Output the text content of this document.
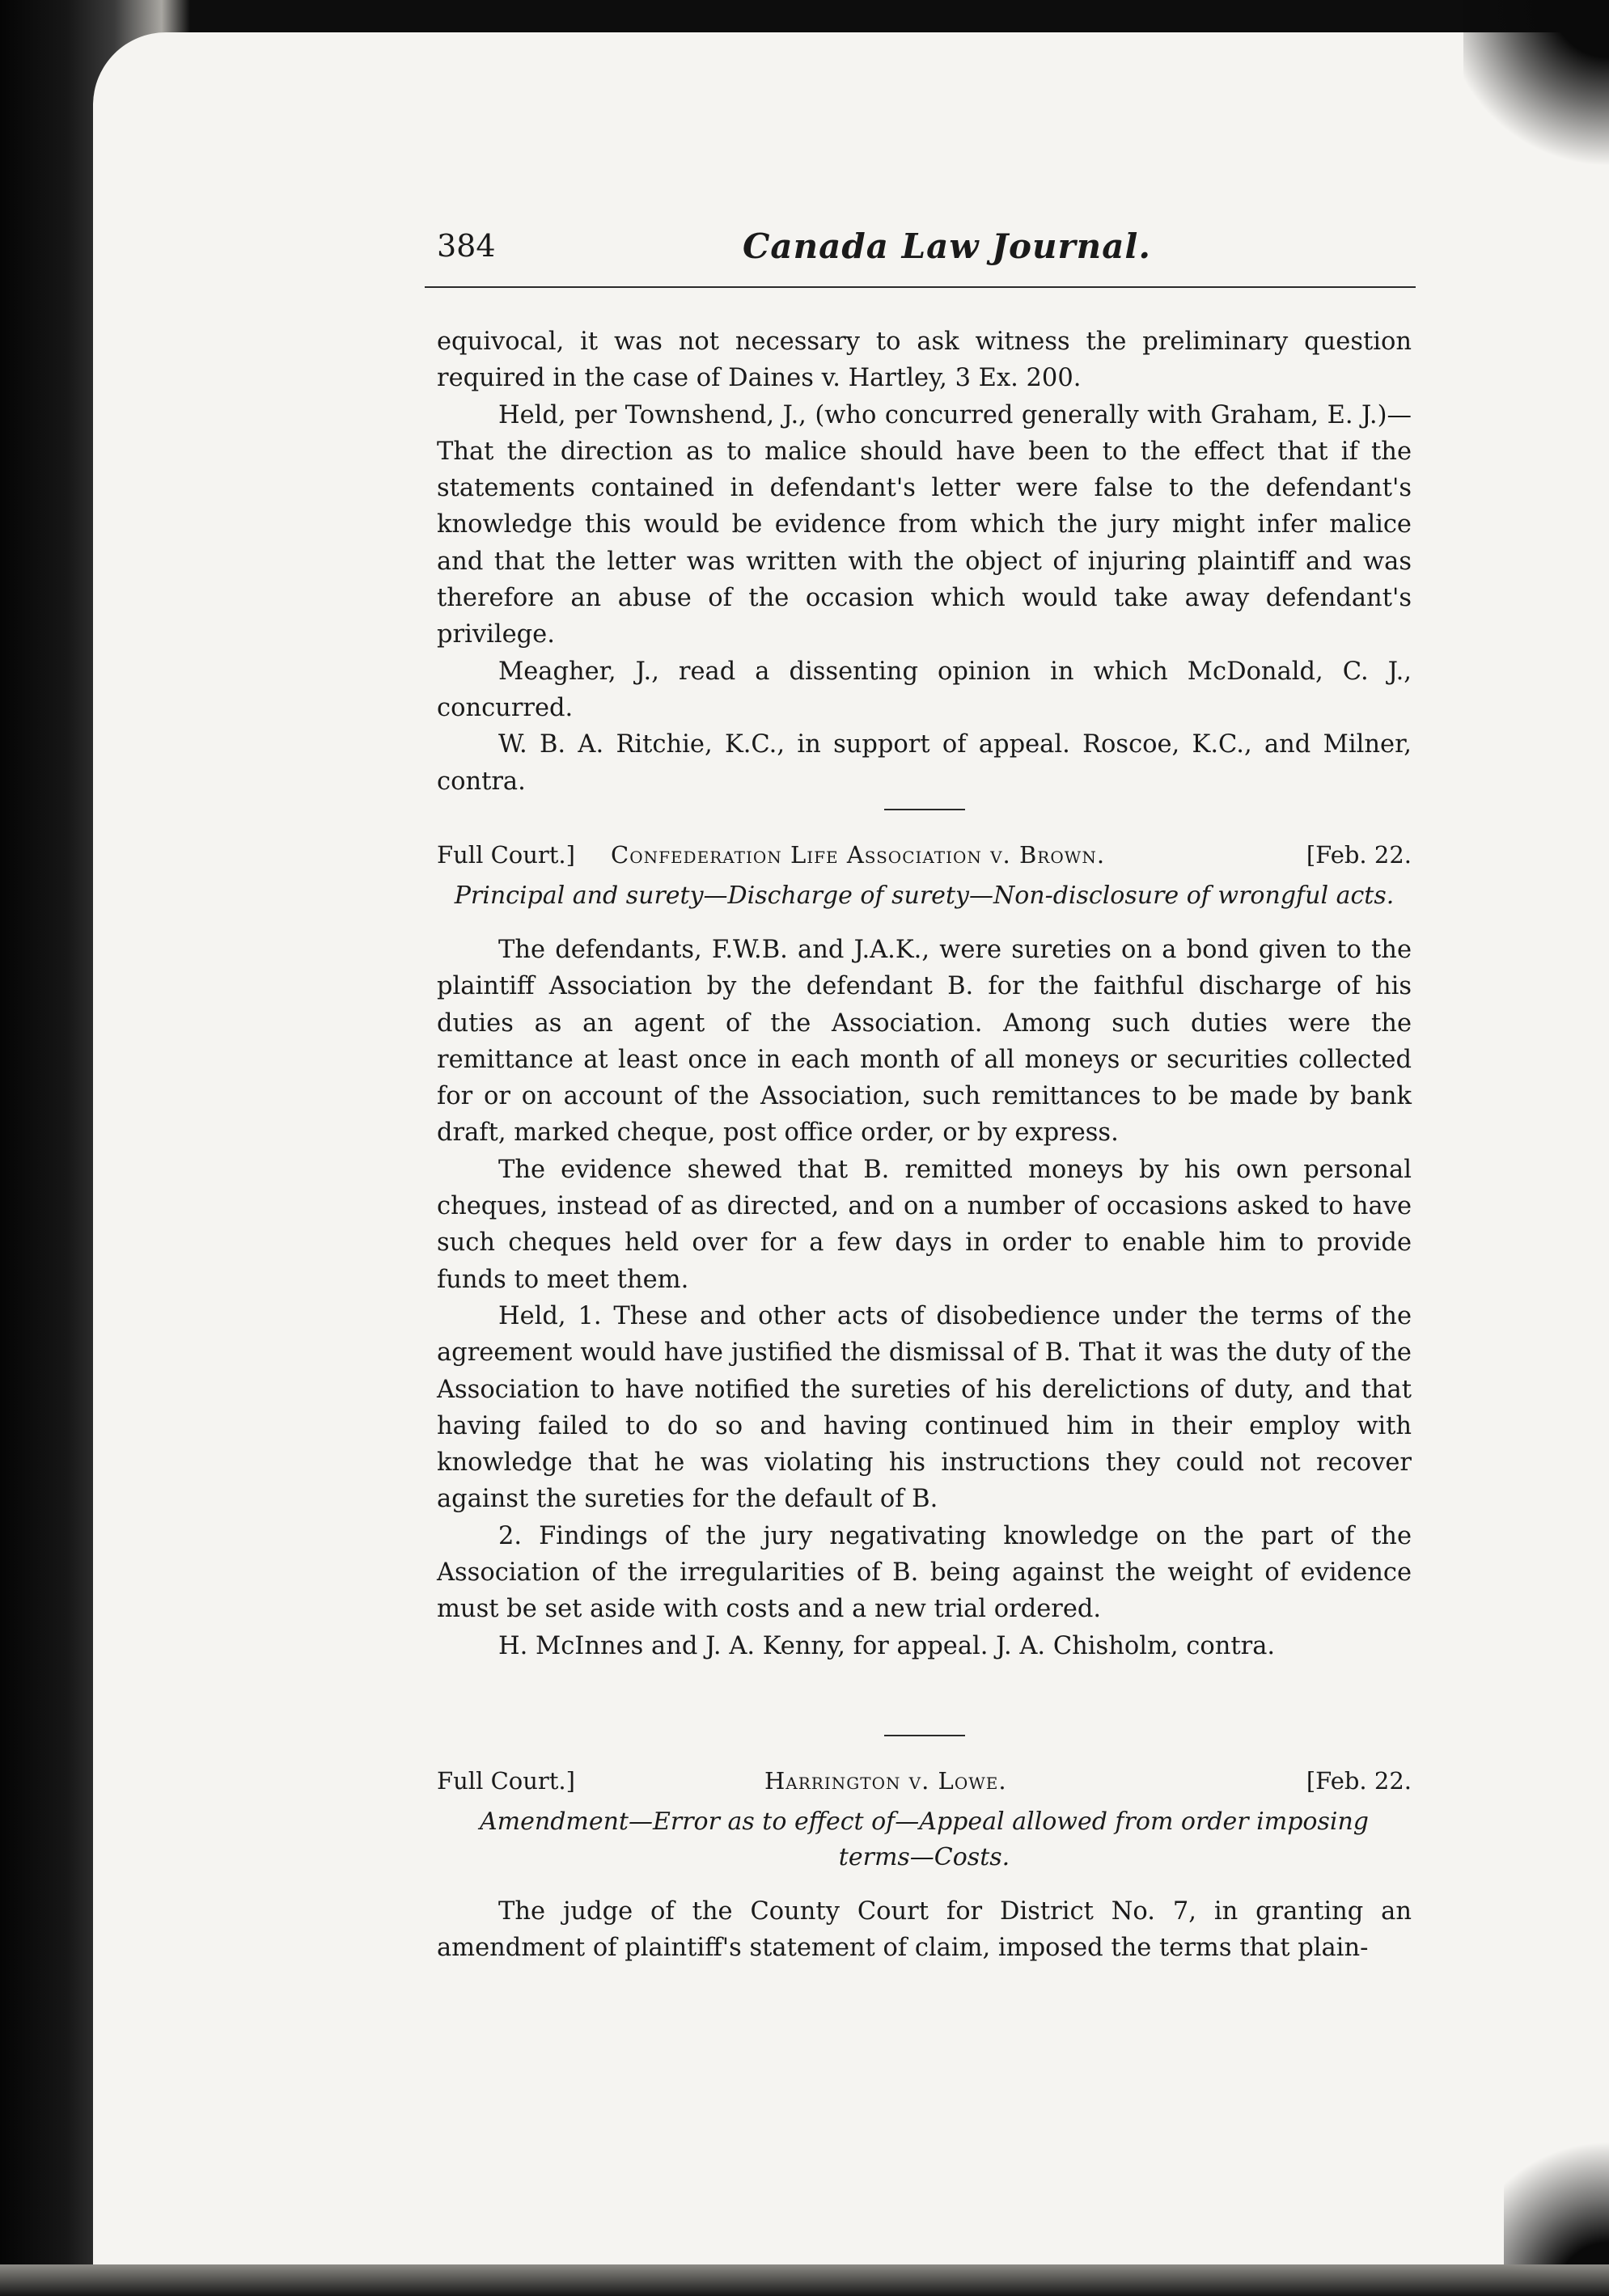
384	Canada Law Journal.

equivocal, it was not necessary to ask witness the preliminary question required in the case of Daines v. Hartley, 3 Ex. 200.

Held, per Townshend, J., (who concurred generally with Graham, E. J.)—That the direction as to malice should have been to the effect that if the statements contained in defendant's letter were false to the defendant's knowledge this would be evidence from which the jury might infer malice and that the letter was written with the object of injuring plaintiff and was therefore an abuse of the occasion which would take away defendant's privilege.

Meagher, J., read a dissenting opinion in which McDonald, C. J., concurred.

W. B. A. Ritchie, K.C., in support of appeal. Roscoe, K.C., and Milner, contra.

Full Court.] Confederation Life Association v. Brown.	[Feb. 22.
Principal and surety—Discharge of surety—Non-disclosure of wrongful acts.

The defendants, F.W.B. and J.A.K., were sureties on a bond given to the plaintiff Association by the defendant B. for the faithful discharge of his duties as an agent of the Association. Among such duties were the remittance at least once in each month of all moneys or securities collected for or on account of the Association, such remittances to be made by bank draft, marked cheque, post office order, or by express.

The evidence shewed that B. remitted moneys by his own personal cheques, instead of as directed, and on a number of occasions asked to have such cheques held over for a few days in order to enable him to provide funds to meet them.

Held, 1. These and other acts of disobedience under the terms of the agreement would have justified the dismissal of B. That it was the duty of the Association to have notified the sureties of his derelictions of duty, and that having failed to do so and having continued him in their employ with knowledge that he was violating his instructions they could not recover against the sureties for the default of B.

2. Findings of the jury negativating knowledge on the part of the Association of the irregularities of B. being against the weight of evidence must be set aside with costs and a new trial ordered.

H. McInnes and J. A. Kenny, for appeal. J. A. Chisholm, contra.

Full Court.]	Harrington v. Lowe.	[Feb. 22.
Amendment—Error as to effect of—Appeal allowed from order imposing terms—Costs.

The judge of the County Court for District No. 7, in granting an amendment of plaintiff's statement of claim, imposed the terms that plain-
